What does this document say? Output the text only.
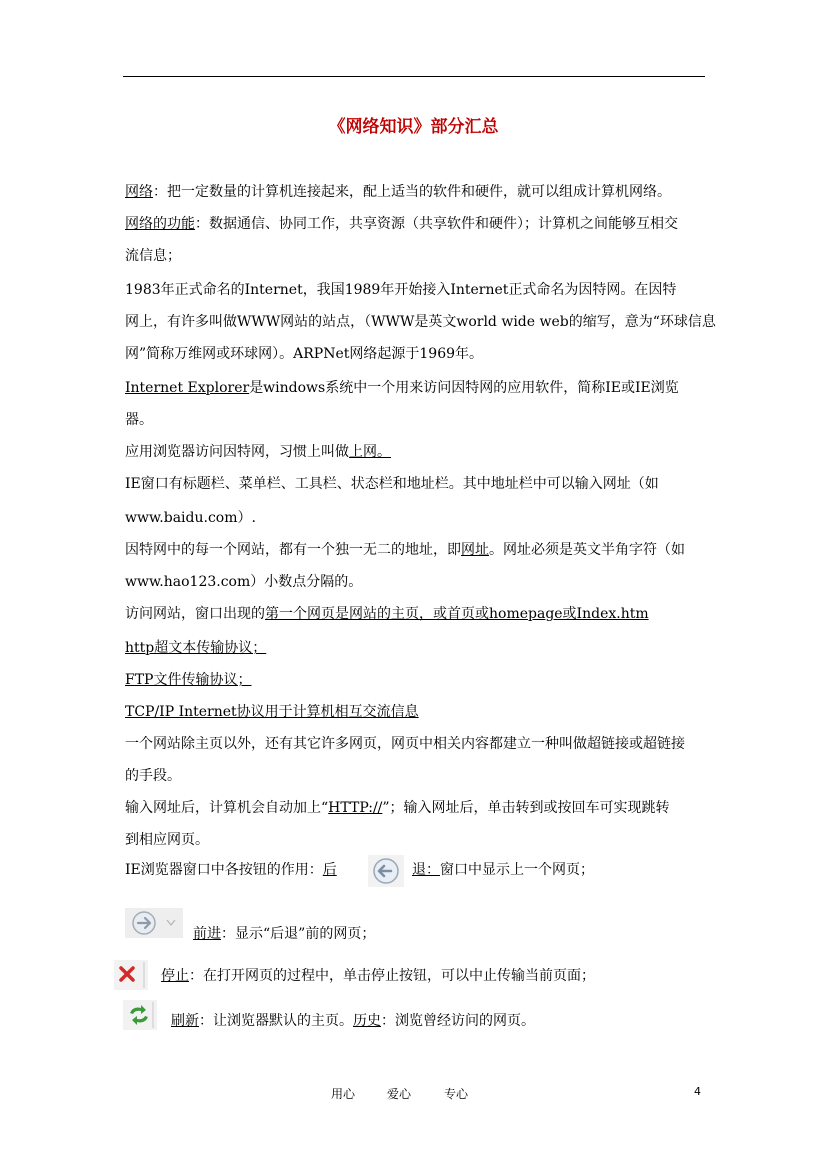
《网络知识》部分汇总
网络：把一定数量的计算机连接起来，配上适当的软件和硬件，就可以组成计算机网络。
网络的功能：数据通信、协同工作，共享资源（共享软件和硬件）；计算机之间能够互相交
流信息；
1983年正式命名的Internet，我国1989年开始接入Internet正式命名为因特网。在因特
网上，有许多叫做WWW网站的站点，（WWW是英文world wide web的缩写，意为“环球信息
网”简称万维网或环球网）。ARPNet网络起源于1969年。
Internet Explorer是windows系统中一个用来访问因特网的应用软件，简称IE或IE浏览
器。
应用浏览器访问因特网，习惯上叫做上网。
IE窗口有标题栏、菜单栏、工具栏、状态栏和地址栏。其中地址栏中可以输入网址（如
www.baidu.com）.
因特网中的每一个网站，都有一个独一无二的地址，即网址。网址必须是英文半角字符（如
www.hao123.com）小数点分隔的。
访问网站，窗口出现的第一个网页是网站的主页，或首页或homepage或Index.htm
http超文本传输协议；
FTP文件传输协议；
TCP/IP Internet协议用于计算机相互交流信息
一个网站除主页以外，还有其它许多网页，网页中相关内容都建立一种叫做超链接或超链接
的手段。
输入网址后，计算机会自动加上“HTTP://”；输入网址后，单击转到或按回车可实现跳转
到相应网页。
IE浏览器窗口中各按钮的作用：后	退：窗口中显示上一个网页；
前进：显示“后退”前的网页；
停止：在打开网页的过程中，单击停止按钮，可以中止传输当前页面；
刷新：让浏览器默认的主页。历史：浏览曾经访问的网页。
用心	爱心	专心	4
